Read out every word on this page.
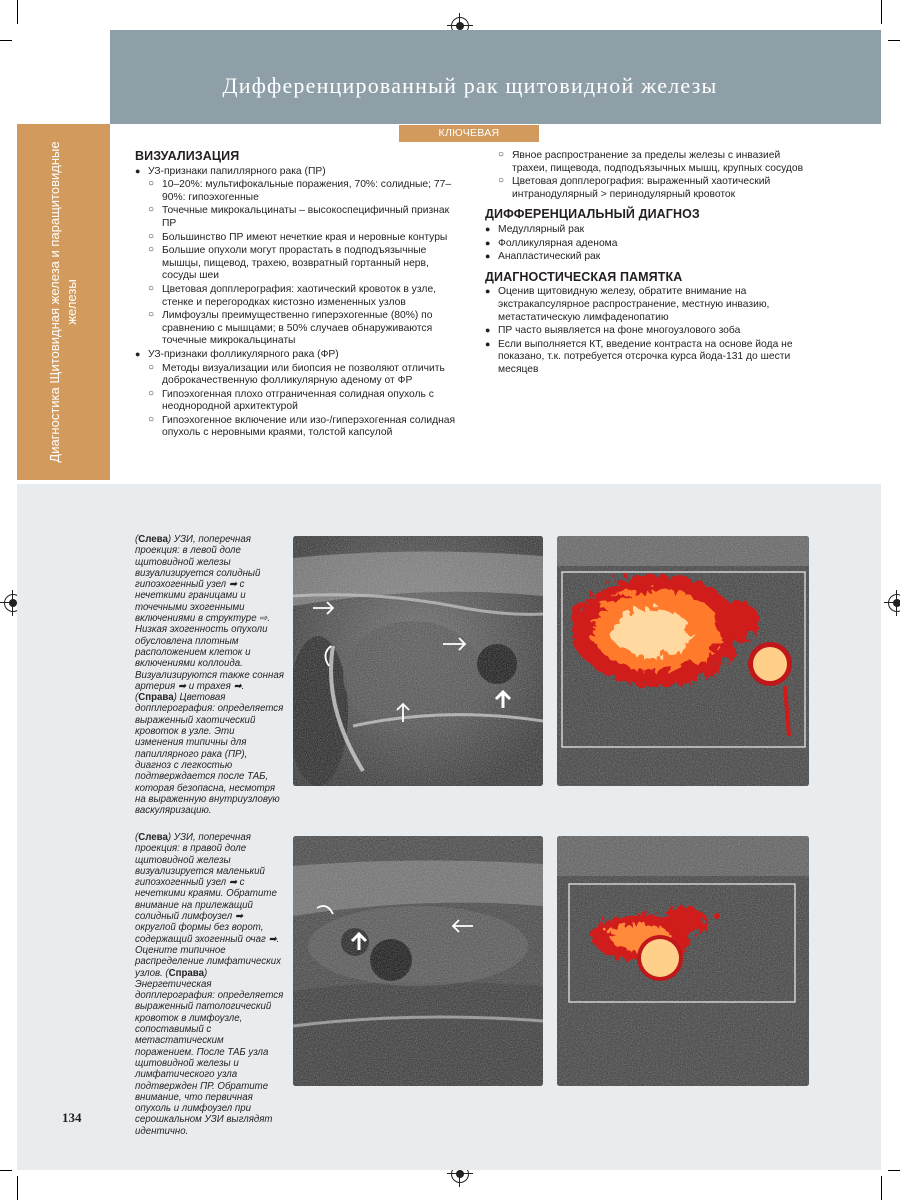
Дифференцированный рак щитовидной железы
Диагностика Щитовидная железа и паращитовидные железы
КЛЮЧЕВАЯ ИНФОРМАЦИЯ
ВИЗУАЛИЗАЦИЯ
● УЗ-признаки папиллярного рака (ПР)
○ 10–20%: мультифокальные поражения, 70%: солидные; 77–90%: гипоэхогенные
○ Точечные микрокальцинаты – высокоспецифичный признак ПР
○ Большинство ПР имеют нечеткие края и неровные контуры
○ Большие опухоли могут прорастать в подподъязычные мышцы, пищевод, трахею, возвратный гортанный нерв, сосуды шеи
○ Цветовая допплерография: хаотический кровоток в узле, стенке и перегородках кистозно измененных узлов
○ Лимфоузлы преимущественно гиперэхогенные (80%) по сравнению с мышцами; в 50% случаев обнаруживаются точечные микрокальцинаты
● УЗ-признаки фолликулярного рака (ФР)
○ Методы визуализации или биопсия не позволяют отличить доброкачественную фолликулярную аденому от ФР
○ Гипоэхогенная плохо отграниченная солидная опухоль с неоднородной архитектурой
○ Гипоэхогенное включение или изо-/гиперэхогенная солидная опухоль с неровными краями, толстой капсулой
○ Явное распространение за пределы железы с инвазией трахеи, пищевода, подподъязычных мышц, крупных сосудов
○ Цветовая допплерография: выраженный хаотический интранодулярный > перинодулярный кровоток
ДИФФЕРЕНЦИАЛЬНЫЙ ДИАГНОЗ
● Медуллярный рак
● Фолликулярная аденома
● Анапластический рак
ДИАГНОСТИЧЕСКАЯ ПАМЯТКА
● Оценив щитовидную железу, обратите внимание на экстракапсулярное распространение, местную инвазию, метастатическую лимфаденопатию
● ПР часто выявляется на фоне многоузлового зоба
● Если выполняется КТ, введение контраста на основе йода не показано, т.к. потребуется отсрочка курса йода-131 до шести месяцев
(Слева) УЗИ, поперечная проекция: в левой доле щитовидной железы визуализируется солидный гипоэхогенный узел ➡ с нечеткими границами и точечными эхогенными включениями в структуре ⇨. Низкая эхогенность опухоли обусловлена плотным расположением клеток и включениями коллоида. Визуализируются также сонная артерия ➡ и трахея ➡. (Справа) Цветовая допплерография: определяется выраженный хаотический кровоток в узле. Эти изменения типичны для папиллярного рака (ПР), диагноз с легкостью подтверждается после ТАБ, которая безопасна, несмотря на выраженную внутриузловую васкуляризацию.
(Слева) УЗИ, поперечная проекция: в правой доле щитовидной железы визуализируется маленький гипоэхогенный узел ➡ с нечеткими краями. Обратите внимание на прилежащий солидный лимфоузел ➡ округлой формы без ворот, содержащий эхогенный очаг ➡. Оцените типичное распределение лимфатических узлов. (Справа) Энергетическая допплерография: определяется выраженный патологический кровоток в лимфоузле, сопоставимый с метастатическим поражением. После ТАБ узла щитовидной железы и лимфатического узла подтвержден ПР. Обратите внимание, что первичная опухоль и лимфоузел при серошкальном УЗИ выглядят идентично.
134
